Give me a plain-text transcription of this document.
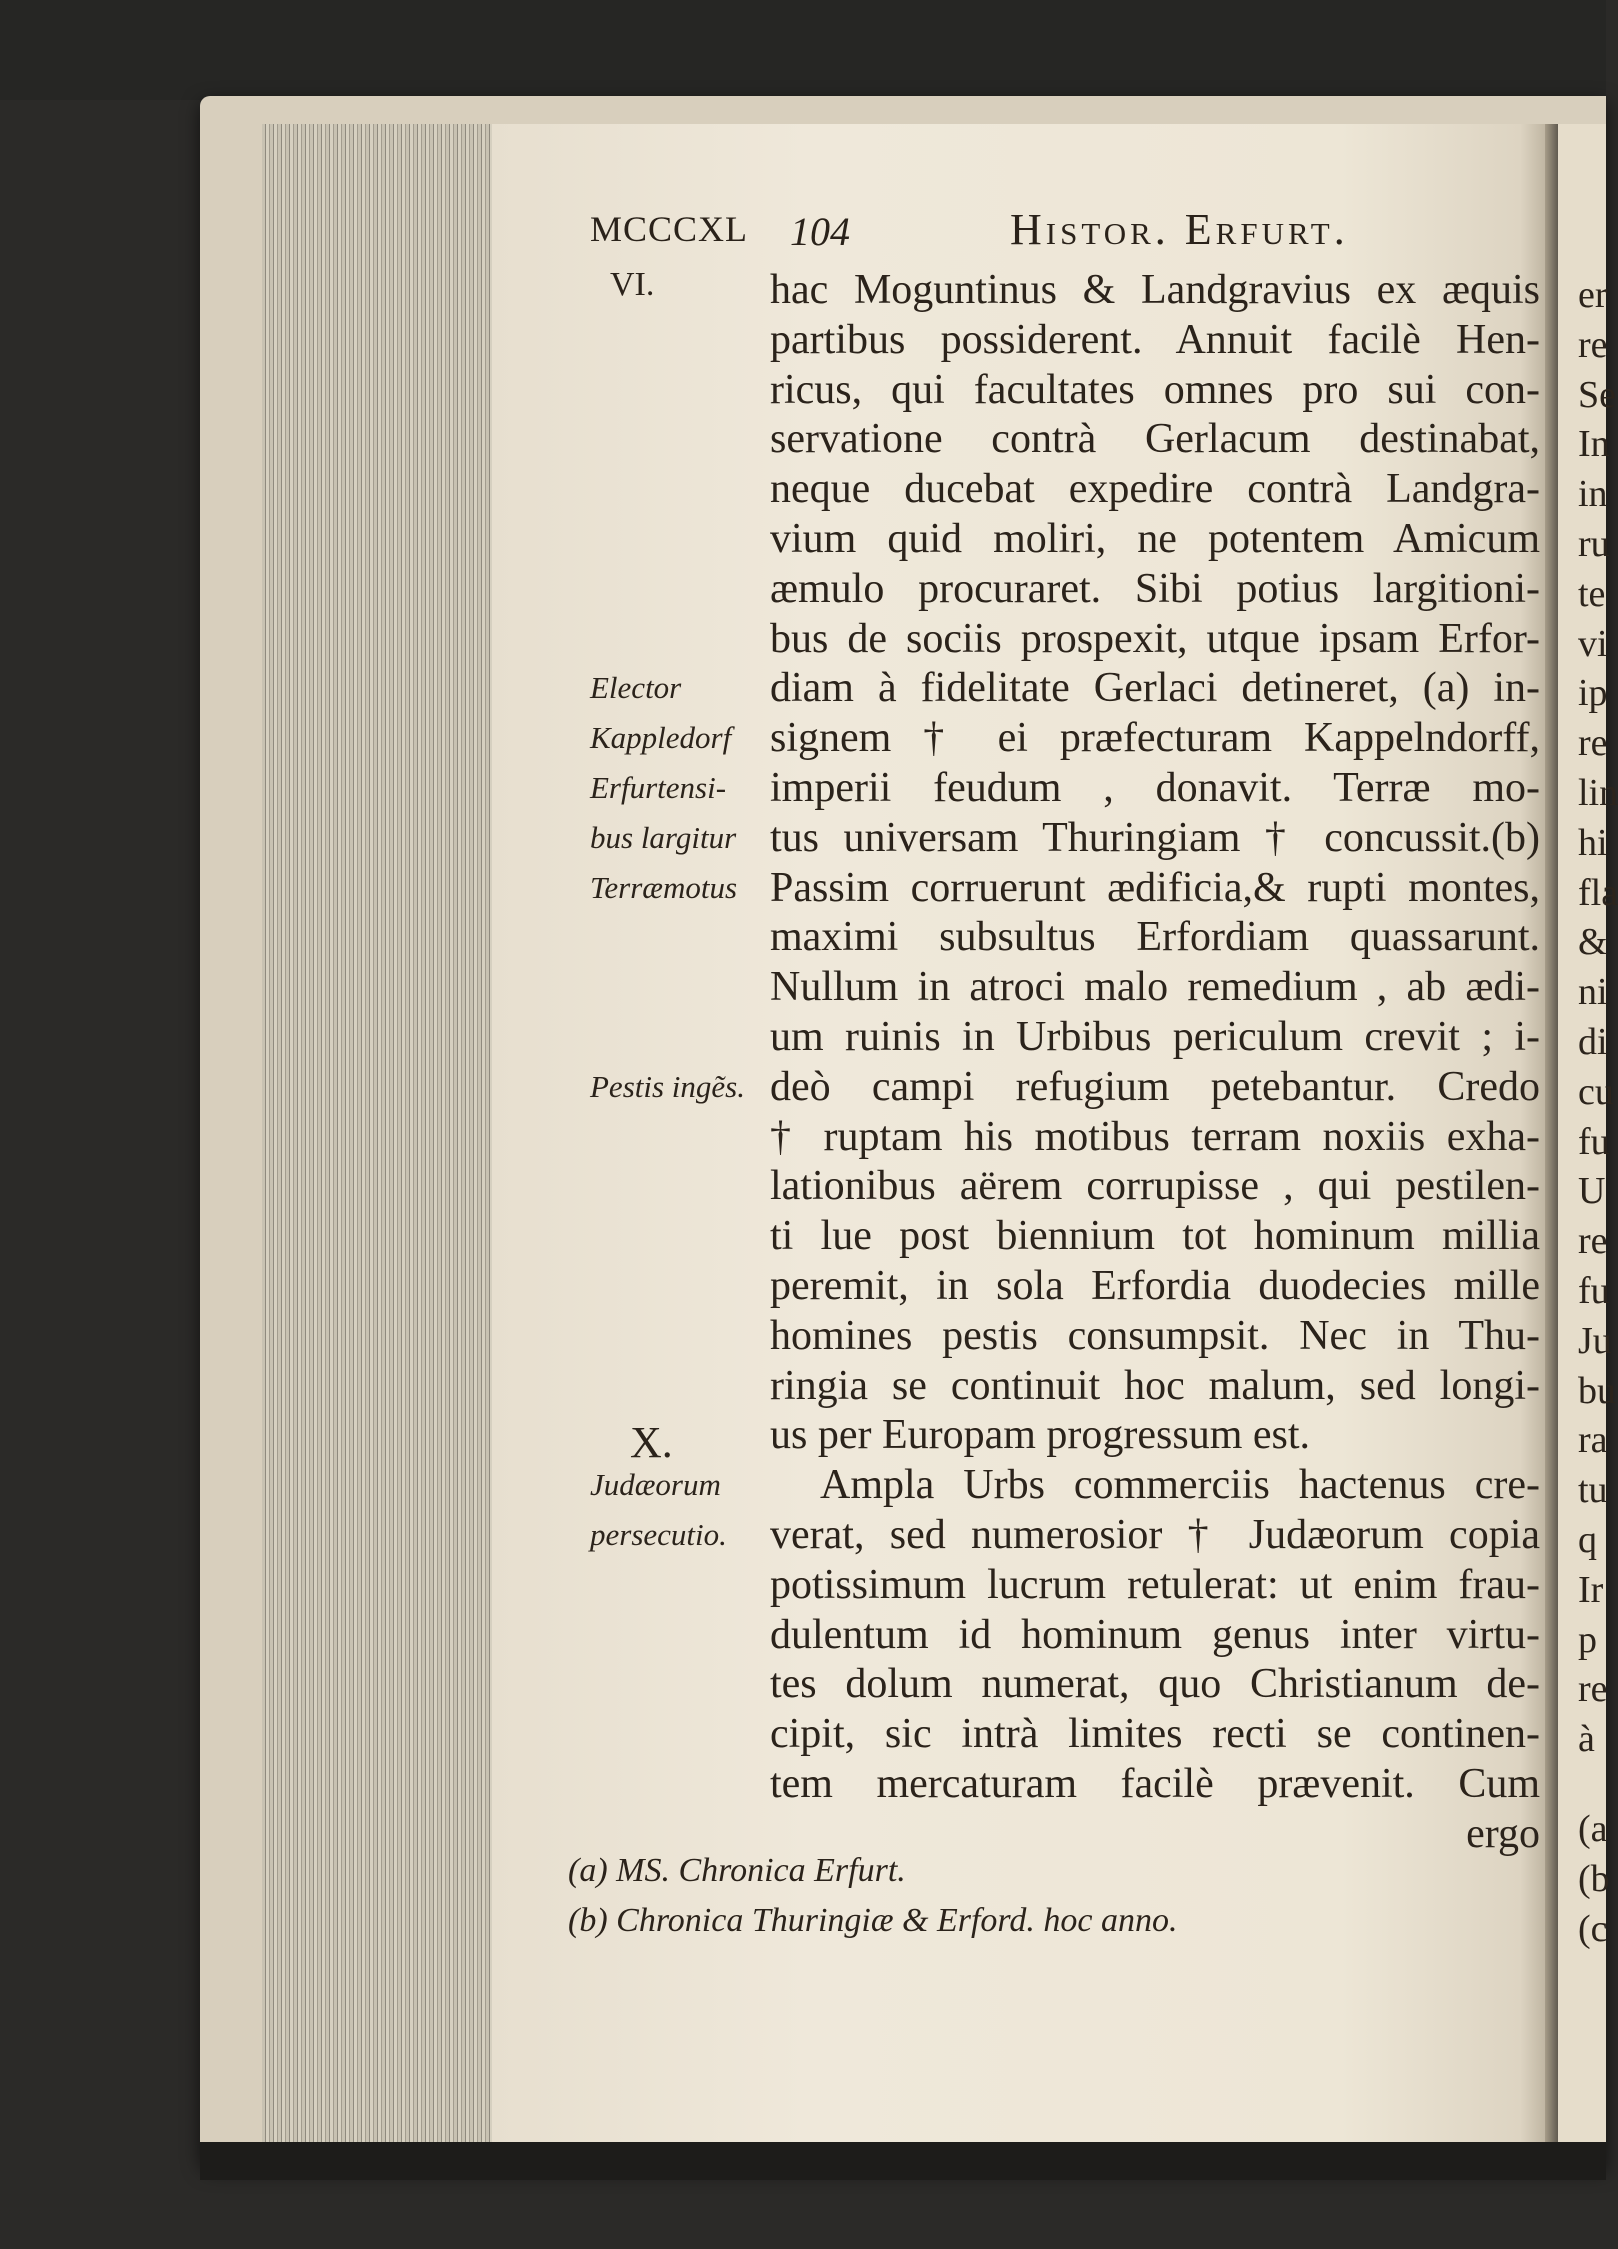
er
re
Se
In
in
ru
te
vi
ip
re
lin
hi
fla
&
ni
di
cu
fu
U
re
fu
Ju
bu
ra
tu
q
Ir
p
re
à
(a
(b
(c
MCCCXL 104	Histor. Erfurt.
VI.	hac Moguntinus & Landgravius ex æquis
partibus possiderent. Annuit facilè Hen-
ricus, qui facultates omnes pro sui con-
servatione contrà Gerlacum destinabat,
neque ducebat expedire contrà Landgra-
vium quid moliri, ne potentem Amicum
æmulo procuraret. Sibi potius largitioni-
bus de sociis prospexit, utque ipsam Erfor-
diam à fidelitate Gerlaci detineret, (a) in-
signem † ei præfecturam Kappelndorff,
imperii feudum , donavit. Terræ mo-
tus universam Thuringiam † concussit.(b)
Passim corruerunt ædificia,& rupti montes,
maximi subsultus Erfordiam quassarunt.
Nullum in atroci malo remedium , ab ædi-
um ruinis in Urbibus periculum crevit ; i-
deò campi refugium petebantur. Credo
† ruptam his motibus terram noxiis exha-
lationibus aërem corrupisse , qui pestilen-
ti lue post biennium tot hominum millia
peremit, in sola Erfordia duodecies mille
homines pestis consumpsit. Nec in Thu-
ringia se continuit hoc malum, sed longi-
us per Europam progressum est.
Ampla Urbs commerciis hactenus cre-
verat, sed numerosior † Judæorum copia
potissimum lucrum retulerat: ut enim frau-
dulentum id hominum genus inter virtu-
tes dolum numerat, quo Christianum de-
cipit, sic intrà limites recti se continen-
tem mercaturam facilè prævenit. Cum
ergo
Elector
Kappledorf
Erfurtensi-
bus largitur
Terræmotus
Pestis ingẽs.
X.
Judæorum
persecutio.
(a) MS. Chronica Erfurt.
(b) Chronica Thuringiæ & Erford. hoc anno.
